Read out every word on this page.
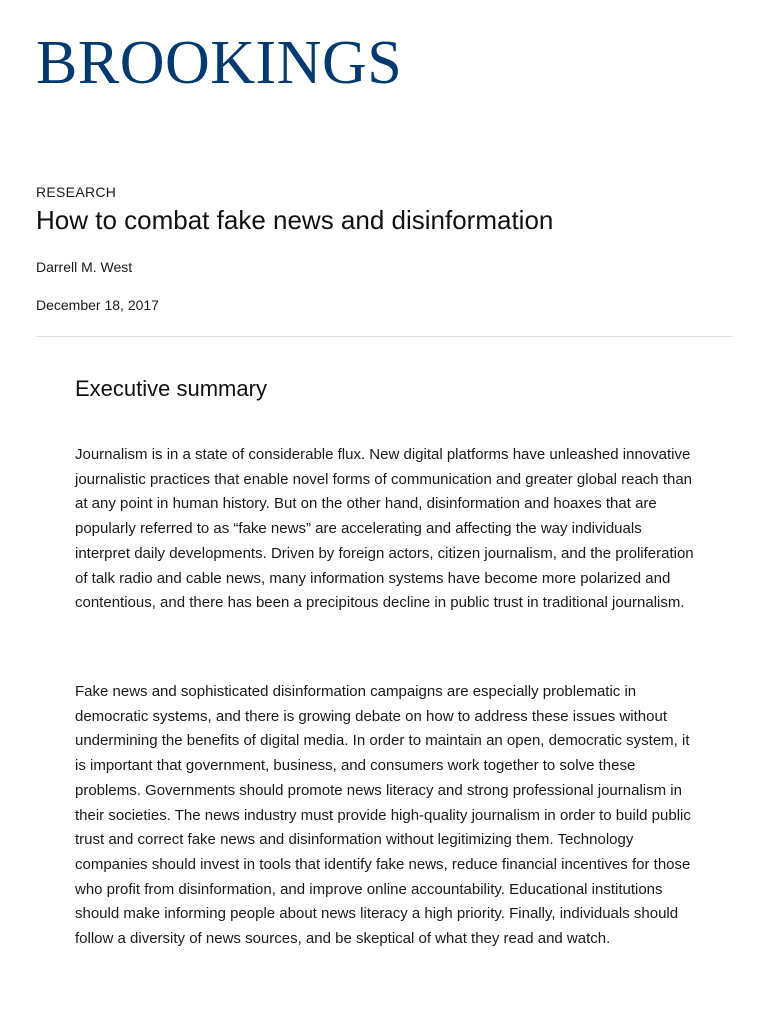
BROOKINGS
RESEARCH
How to combat fake news and disinformation
Darrell M. West
December 18, 2017
Executive summary

Journalism is in a state of considerable flux. New digital platforms have unleashed innovative journalistic practices that enable novel forms of communication and greater global reach than at any point in human history. But on the other hand, disinformation and hoaxes that are popularly referred to as “fake news” are accelerating and affecting the way individuals interpret daily developments. Driven by foreign actors, citizen journalism, and the proliferation of talk radio and cable news, many information systems have become more polarized and contentious, and there has been a precipitous decline in public trust in traditional journalism.

Fake news and sophisticated disinformation campaigns are especially problematic in democratic systems, and there is growing debate on how to address these issues without undermining the benefits of digital media. In order to maintain an open, democratic system, it is important that government, business, and consumers work together to solve these problems. Governments should promote news literacy and strong professional journalism in their societies. The news industry must provide high-quality journalism in order to build public trust and correct fake news and disinformation without legitimizing them. Technology companies should invest in tools that identify fake news, reduce financial incentives for those who profit from disinformation, and improve online accountability. Educational institutions should make informing people about news literacy a high priority. Finally, individuals should follow a diversity of news sources, and be skeptical of what they read and watch.
